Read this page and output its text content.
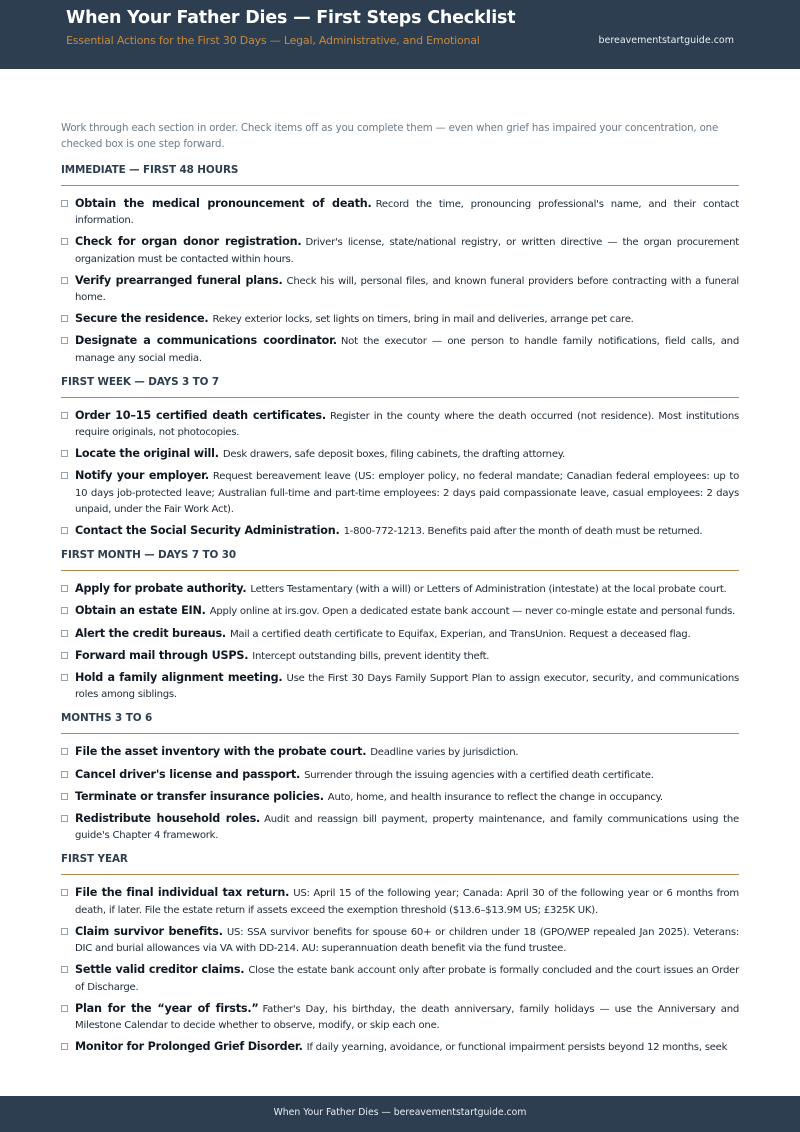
When Your Father Dies — First Steps Checklist
Essential Actions for the First 30 Days — Legal, Administrative, and Emotional	bereavementstartguide.com

Work through each section in order. Check items off as you complete them — even when grief has impaired your concentration, one checked box is one step forward.

IMMEDIATE — FIRST 48 HOURS
Obtain the medical pronouncement of death. Record the time, pronouncing professional's name, and their contact information.
Check for organ donor registration. Driver's license, state/national registry, or written directive — the organ procurement organization must be contacted within hours.
Verify prearranged funeral plans. Check his will, personal files, and known funeral providers before contracting with a funeral home.
Secure the residence. Rekey exterior locks, set lights on timers, bring in mail and deliveries, arrange pet care.
Designate a communications coordinator. Not the executor — one person to handle family notifications, field calls, and manage any social media.
FIRST WEEK — DAYS 3 TO 7
Order 10–15 certified death certificates. Register in the county where the death occurred (not residence). Most institutions require originals, not photocopies.
Locate the original will. Desk drawers, safe deposit boxes, filing cabinets, the drafting attorney.
Notify your employer. Request bereavement leave (US: employer policy, no federal mandate; Canadian federal employees: up to 10 days job-protected leave; Australian full-time and part-time employees: 2 days paid compassionate leave, casual employees: 2 days unpaid, under the Fair Work Act).
Contact the Social Security Administration. 1-800-772-1213. Benefits paid after the month of death must be returned.
FIRST MONTH — DAYS 7 TO 30
Apply for probate authority. Letters Testamentary (with a will) or Letters of Administration (intestate) at the local probate court.
Obtain an estate EIN. Apply online at irs.gov. Open a dedicated estate bank account — never co-mingle estate and personal funds.
Alert the credit bureaus. Mail a certified death certificate to Equifax, Experian, and TransUnion. Request a deceased flag.
Forward mail through USPS. Intercept outstanding bills, prevent identity theft.
Hold a family alignment meeting. Use the First 30 Days Family Support Plan to assign executor, security, and communications roles among siblings.
MONTHS 3 TO 6
File the asset inventory with the probate court. Deadline varies by jurisdiction.
Cancel driver's license and passport. Surrender through the issuing agencies with a certified death certificate.
Terminate or transfer insurance policies. Auto, home, and health insurance to reflect the change in occupancy.
Redistribute household roles. Audit and reassign bill payment, property maintenance, and family communications using the guide's Chapter 4 framework.
FIRST YEAR
File the final individual tax return. US: April 15 of the following year; Canada: April 30 of the following year or 6 months from death, if later. File the estate return if assets exceed the exemption threshold ($13.6–$13.9M US; £325K UK).
Claim survivor benefits. US: SSA survivor benefits for spouse 60+ or children under 18 (GPO/WEP repealed Jan 2025). Veterans: DIC and burial allowances via VA with DD-214. AU: superannuation death benefit via the fund trustee.
Settle valid creditor claims. Close the estate bank account only after probate is formally concluded and the court issues an Order of Discharge.
Plan for the “year of firsts.” Father's Day, his birthday, the death anniversary, family holidays — use the Anniversary and Milestone Calendar to decide whether to observe, modify, or skip each one.
Monitor for Prolonged Grief Disorder. If daily yearning, avoidance, or functional impairment persists beyond 12 months, seek
When Your Father Dies — bereavementstartguide.com
